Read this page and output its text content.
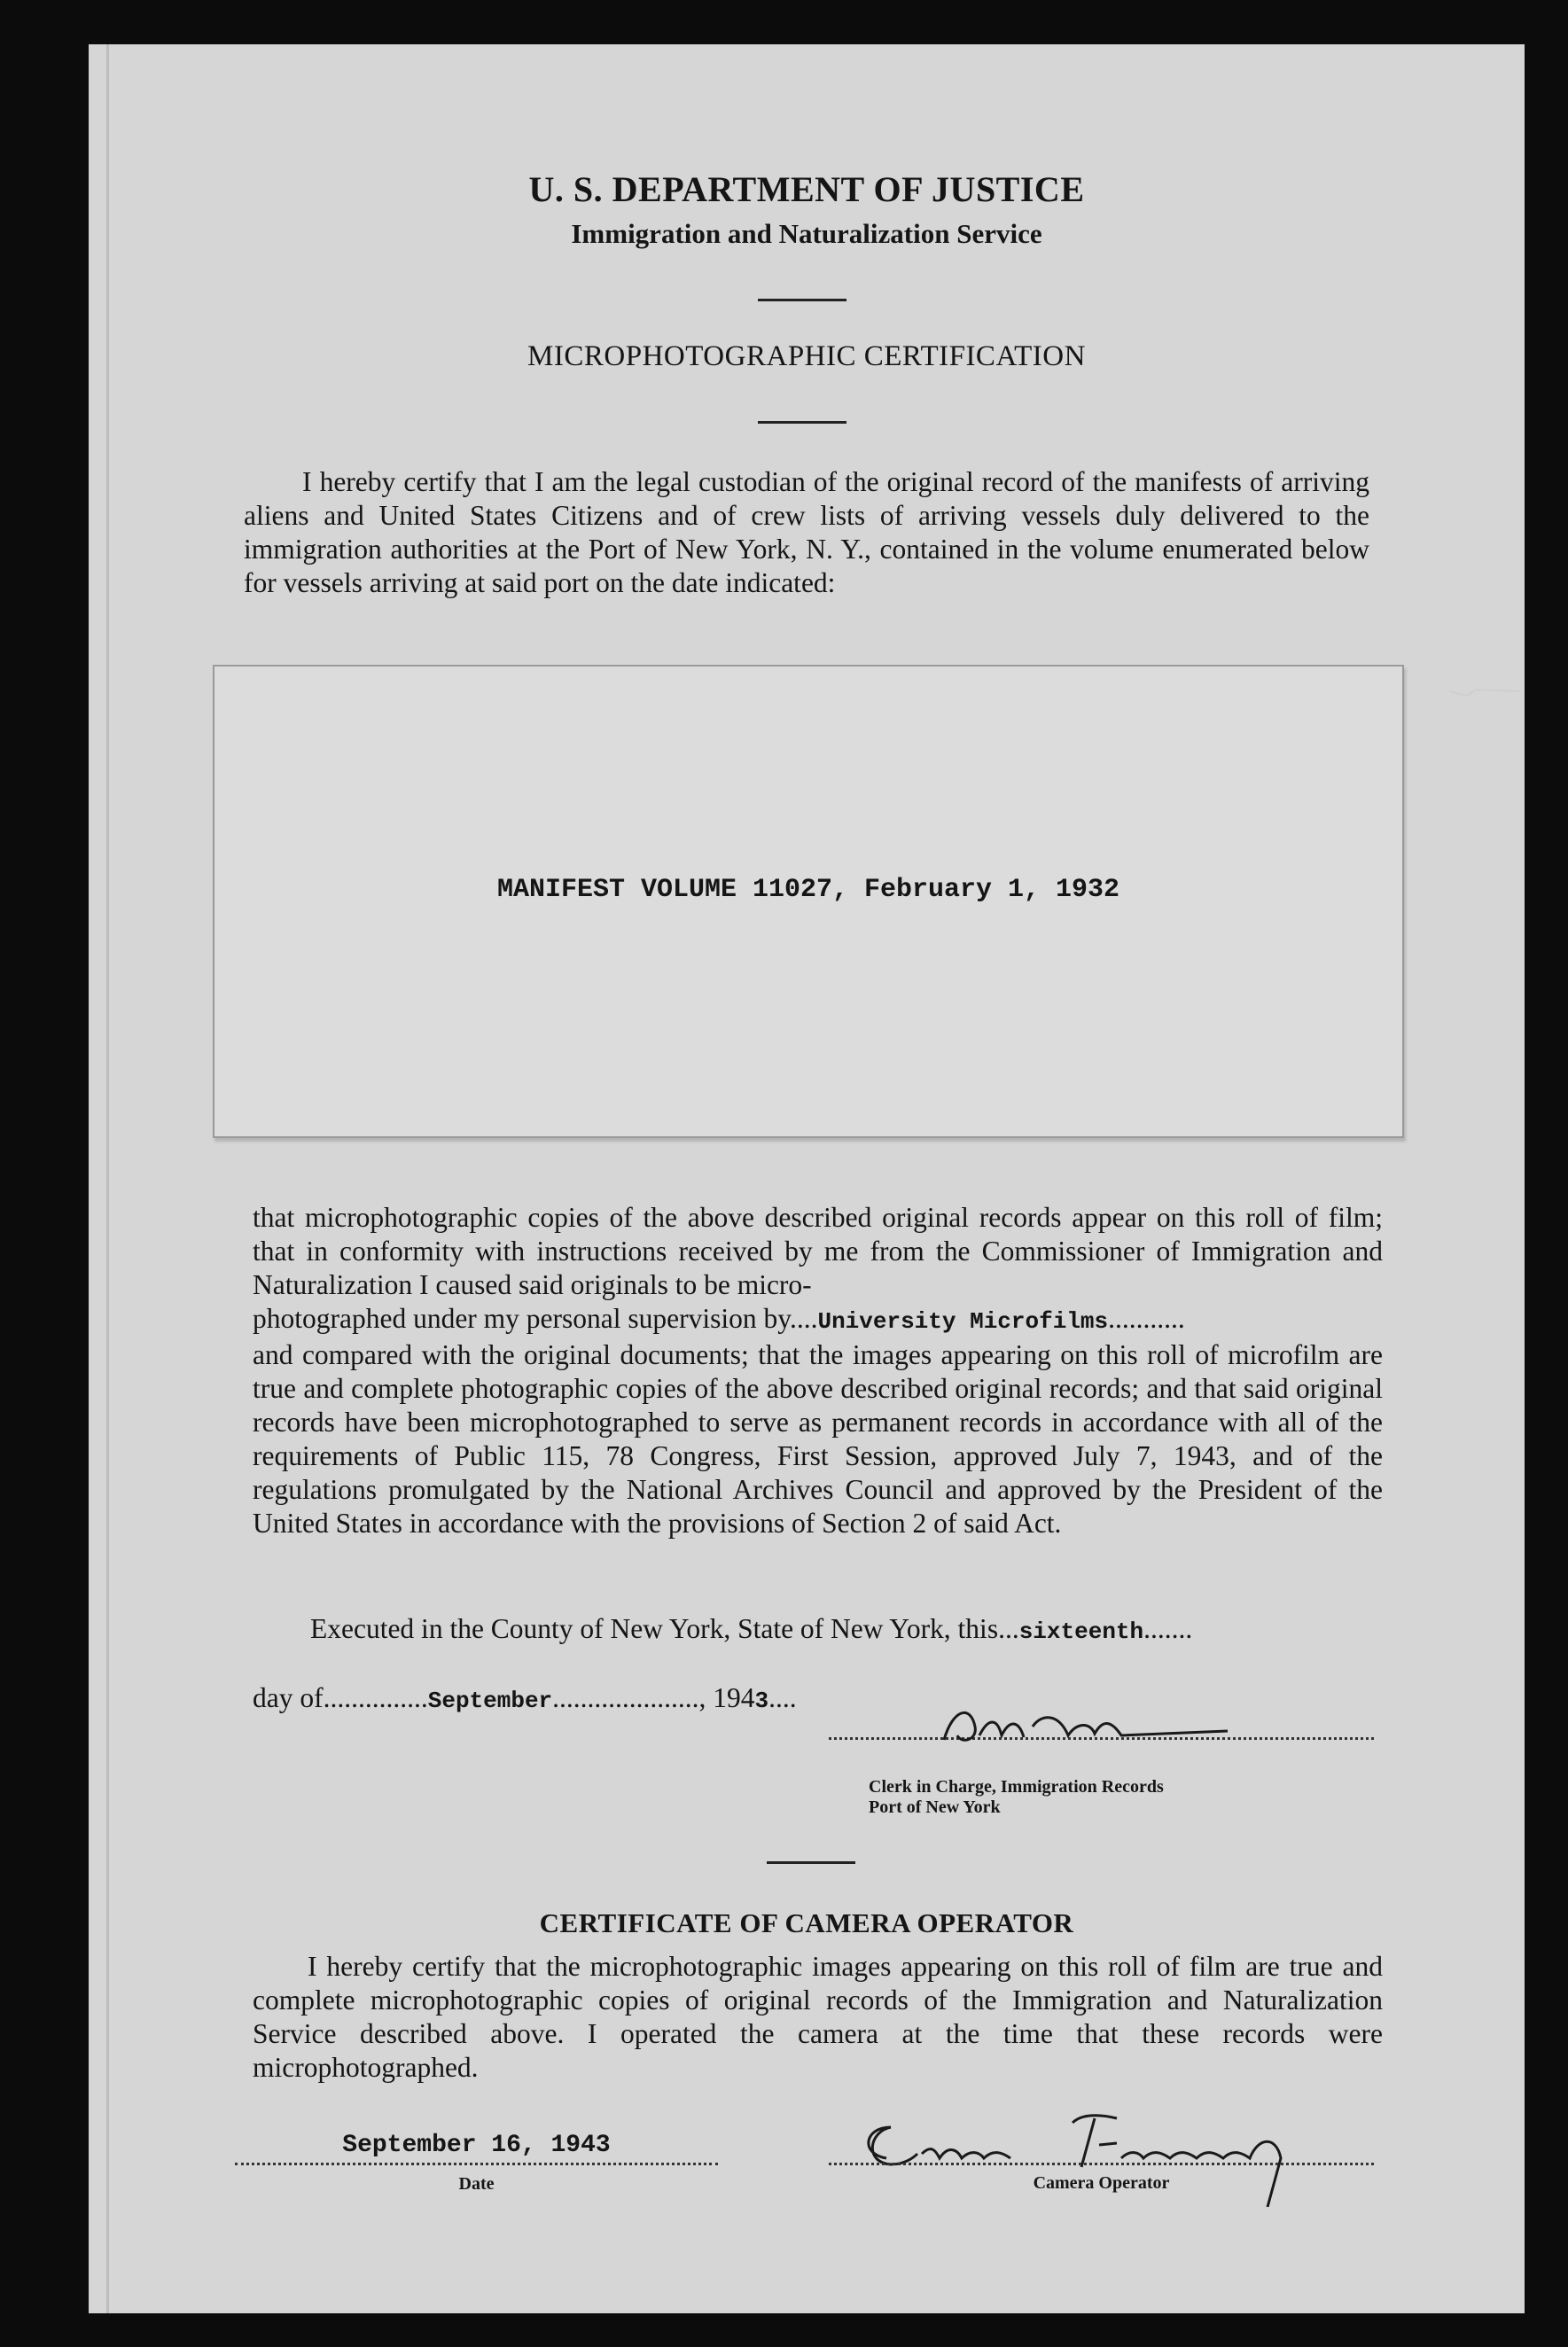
U. S. DEPARTMENT OF JUSTICE
Immigration and Naturalization Service
MICROPHOTOGRAPHIC CERTIFICATION
I hereby certify that I am the legal custodian of the original record of the manifests of arriving aliens and United States Citizens and of crew lists of arriving vessels duly delivered to the immigration authorities at the Port of New York, N. Y., contained in the volume enumerated below for vessels arriving at said port on the date indicated:
MANIFEST VOLUME 11027, February 1, 1932
that microphotographic copies of the above described original records appear on this roll of film; that in conformity with instructions received by me from the Commissioner of Immigration and Naturalization I caused said originals to be micro-
photographed under my personal supervision by....University Microfilms...........
and compared with the original documents; that the images appearing on this roll of microfilm are true and complete photographic copies of the above described original records; and that said original records have been microphotographed to serve as permanent records in accordance with all of the requirements of Public 115, 78 Congress, First Session, approved July 7, 1943, and of the regulations promulgated by the National Archives Council and approved by the President of the United States in accordance with the provisions of Section 2 of said Act.
Executed in the County of New York, State of New York, this...sixteenth.......
day of...............September....................., 1943....
Clerk in Charge, Immigration Records
Port of New York
CERTIFICATE OF CAMERA OPERATOR
I hereby certify that the microphotographic images appearing on this roll of film are true and complete microphotographic copies of original records of the Immigration and Naturalization Service described above. I operated the camera at the time that these records were microphotographed.
September 16, 1943
Date	Camera Operator
